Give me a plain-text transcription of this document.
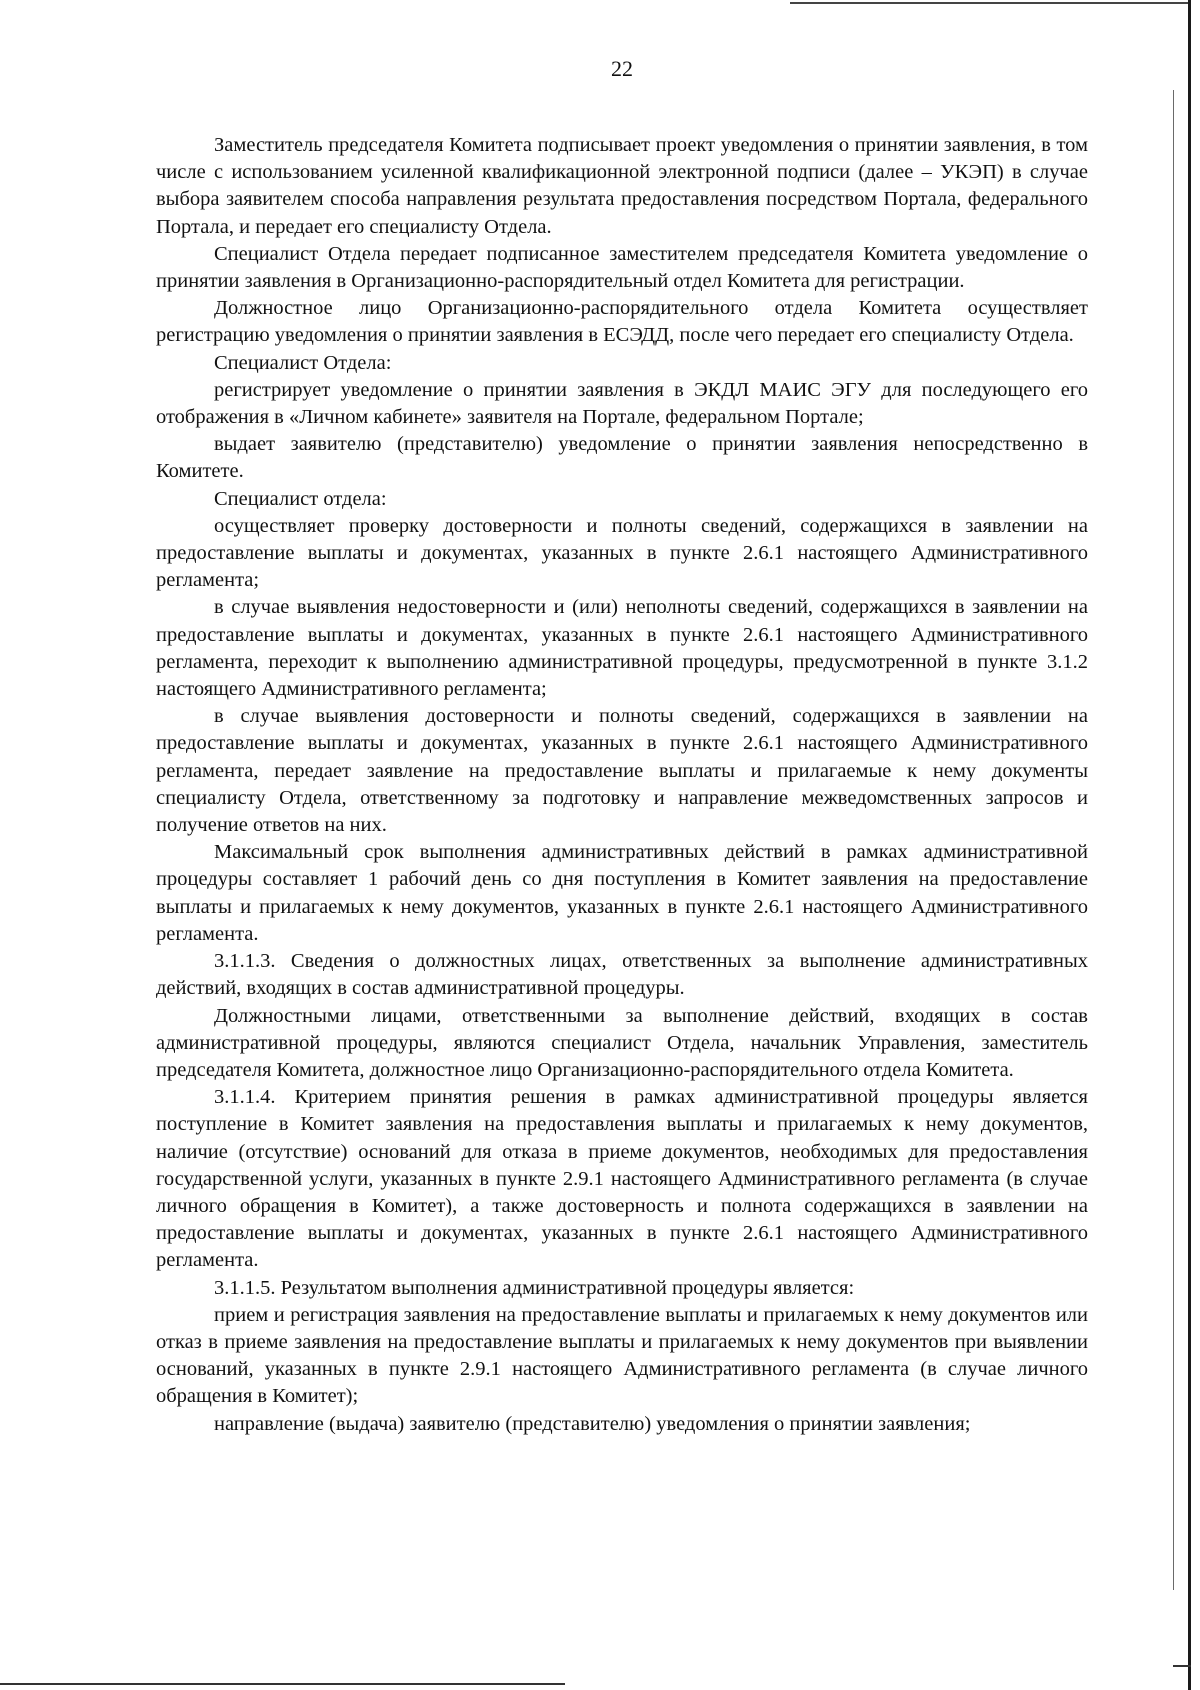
22

Заместитель председателя Комитета подписывает проект уведомления о принятии заявления, в том числе с использованием усиленной квалификационной электронной подписи (далее – УКЭП) в случае выбора заявителем способа направления результата предоставления посредством Портала, федерального Портала, и передает его специалисту Отдела.

Специалист Отдела передает подписанное заместителем председателя Комитета уведомление о принятии заявления в Организационно-распорядительный отдел Комитета для регистрации.

Должностное лицо Организационно-распорядительного отдела Комитета осуществляет регистрацию уведомления о принятии заявления в ЕСЭДД, после чего передает его специалисту Отдела.

Специалист Отдела:

регистрирует уведомление о принятии заявления в ЭКДЛ МАИС ЭГУ для последующего его отображения в «Личном кабинете» заявителя на Портале, федеральном Портале;

выдает заявителю (представителю) уведомление о принятии заявления непосредственно в Комитете.

Специалист отдела:

осуществляет проверку достоверности и полноты сведений, содержащихся в заявлении на предоставление выплаты и документах, указанных в пункте 2.6.1 настоящего Административного регламента;

в случае выявления недостоверности и (или) неполноты сведений, содержащихся в заявлении на предоставление выплаты и документах, указанных в пункте 2.6.1 настоящего Административного регламента, переходит к выполнению административной процедуры, предусмотренной в пункте 3.1.2 настоящего Административного регламента;

в случае выявления достоверности и полноты сведений, содержащихся в заявлении на предоставление выплаты и документах, указанных в пункте 2.6.1 настоящего Административного регламента, передает заявление на предоставление выплаты и прилагаемые к нему документы специалисту Отдела, ответственному за подготовку и направление межведомственных запросов и получение ответов на них.

Максимальный срок выполнения административных действий в рамках административной процедуры составляет 1 рабочий день со дня поступления в Комитет заявления на предоставление выплаты и прилагаемых к нему документов, указанных в пункте 2.6.1 настоящего Административного регламента.

3.1.1.3. Сведения о должностных лицах, ответственных за выполнение административных действий, входящих в состав административной процедуры.

Должностными лицами, ответственными за выполнение действий, входящих в состав административной процедуры, являются специалист Отдела, начальник Управления, заместитель председателя Комитета, должностное лицо Организационно-распорядительного отдела Комитета.

3.1.1.4. Критерием принятия решения в рамках административной процедуры является поступление в Комитет заявления на предоставления выплаты и прилагаемых к нему документов, наличие (отсутствие) оснований для отказа в приеме документов, необходимых для предоставления государственной услуги, указанных в пункте 2.9.1 настоящего Административного регламента (в случае личного обращения в Комитет), а также достоверность и полнота содержащихся в заявлении на предоставление выплаты и документах, указанных в пункте 2.6.1 настоящего Административного регламента.

3.1.1.5. Результатом выполнения административной процедуры является:

прием и регистрация заявления на предоставление выплаты и прилагаемых к нему документов или отказ в приеме заявления на предоставление выплаты и прилагаемых к нему документов при выявлении оснований, указанных в пункте 2.9.1 настоящего Административного регламента (в случае личного обращения в Комитет);

направление (выдача) заявителю (представителю) уведомления о принятии заявления;
